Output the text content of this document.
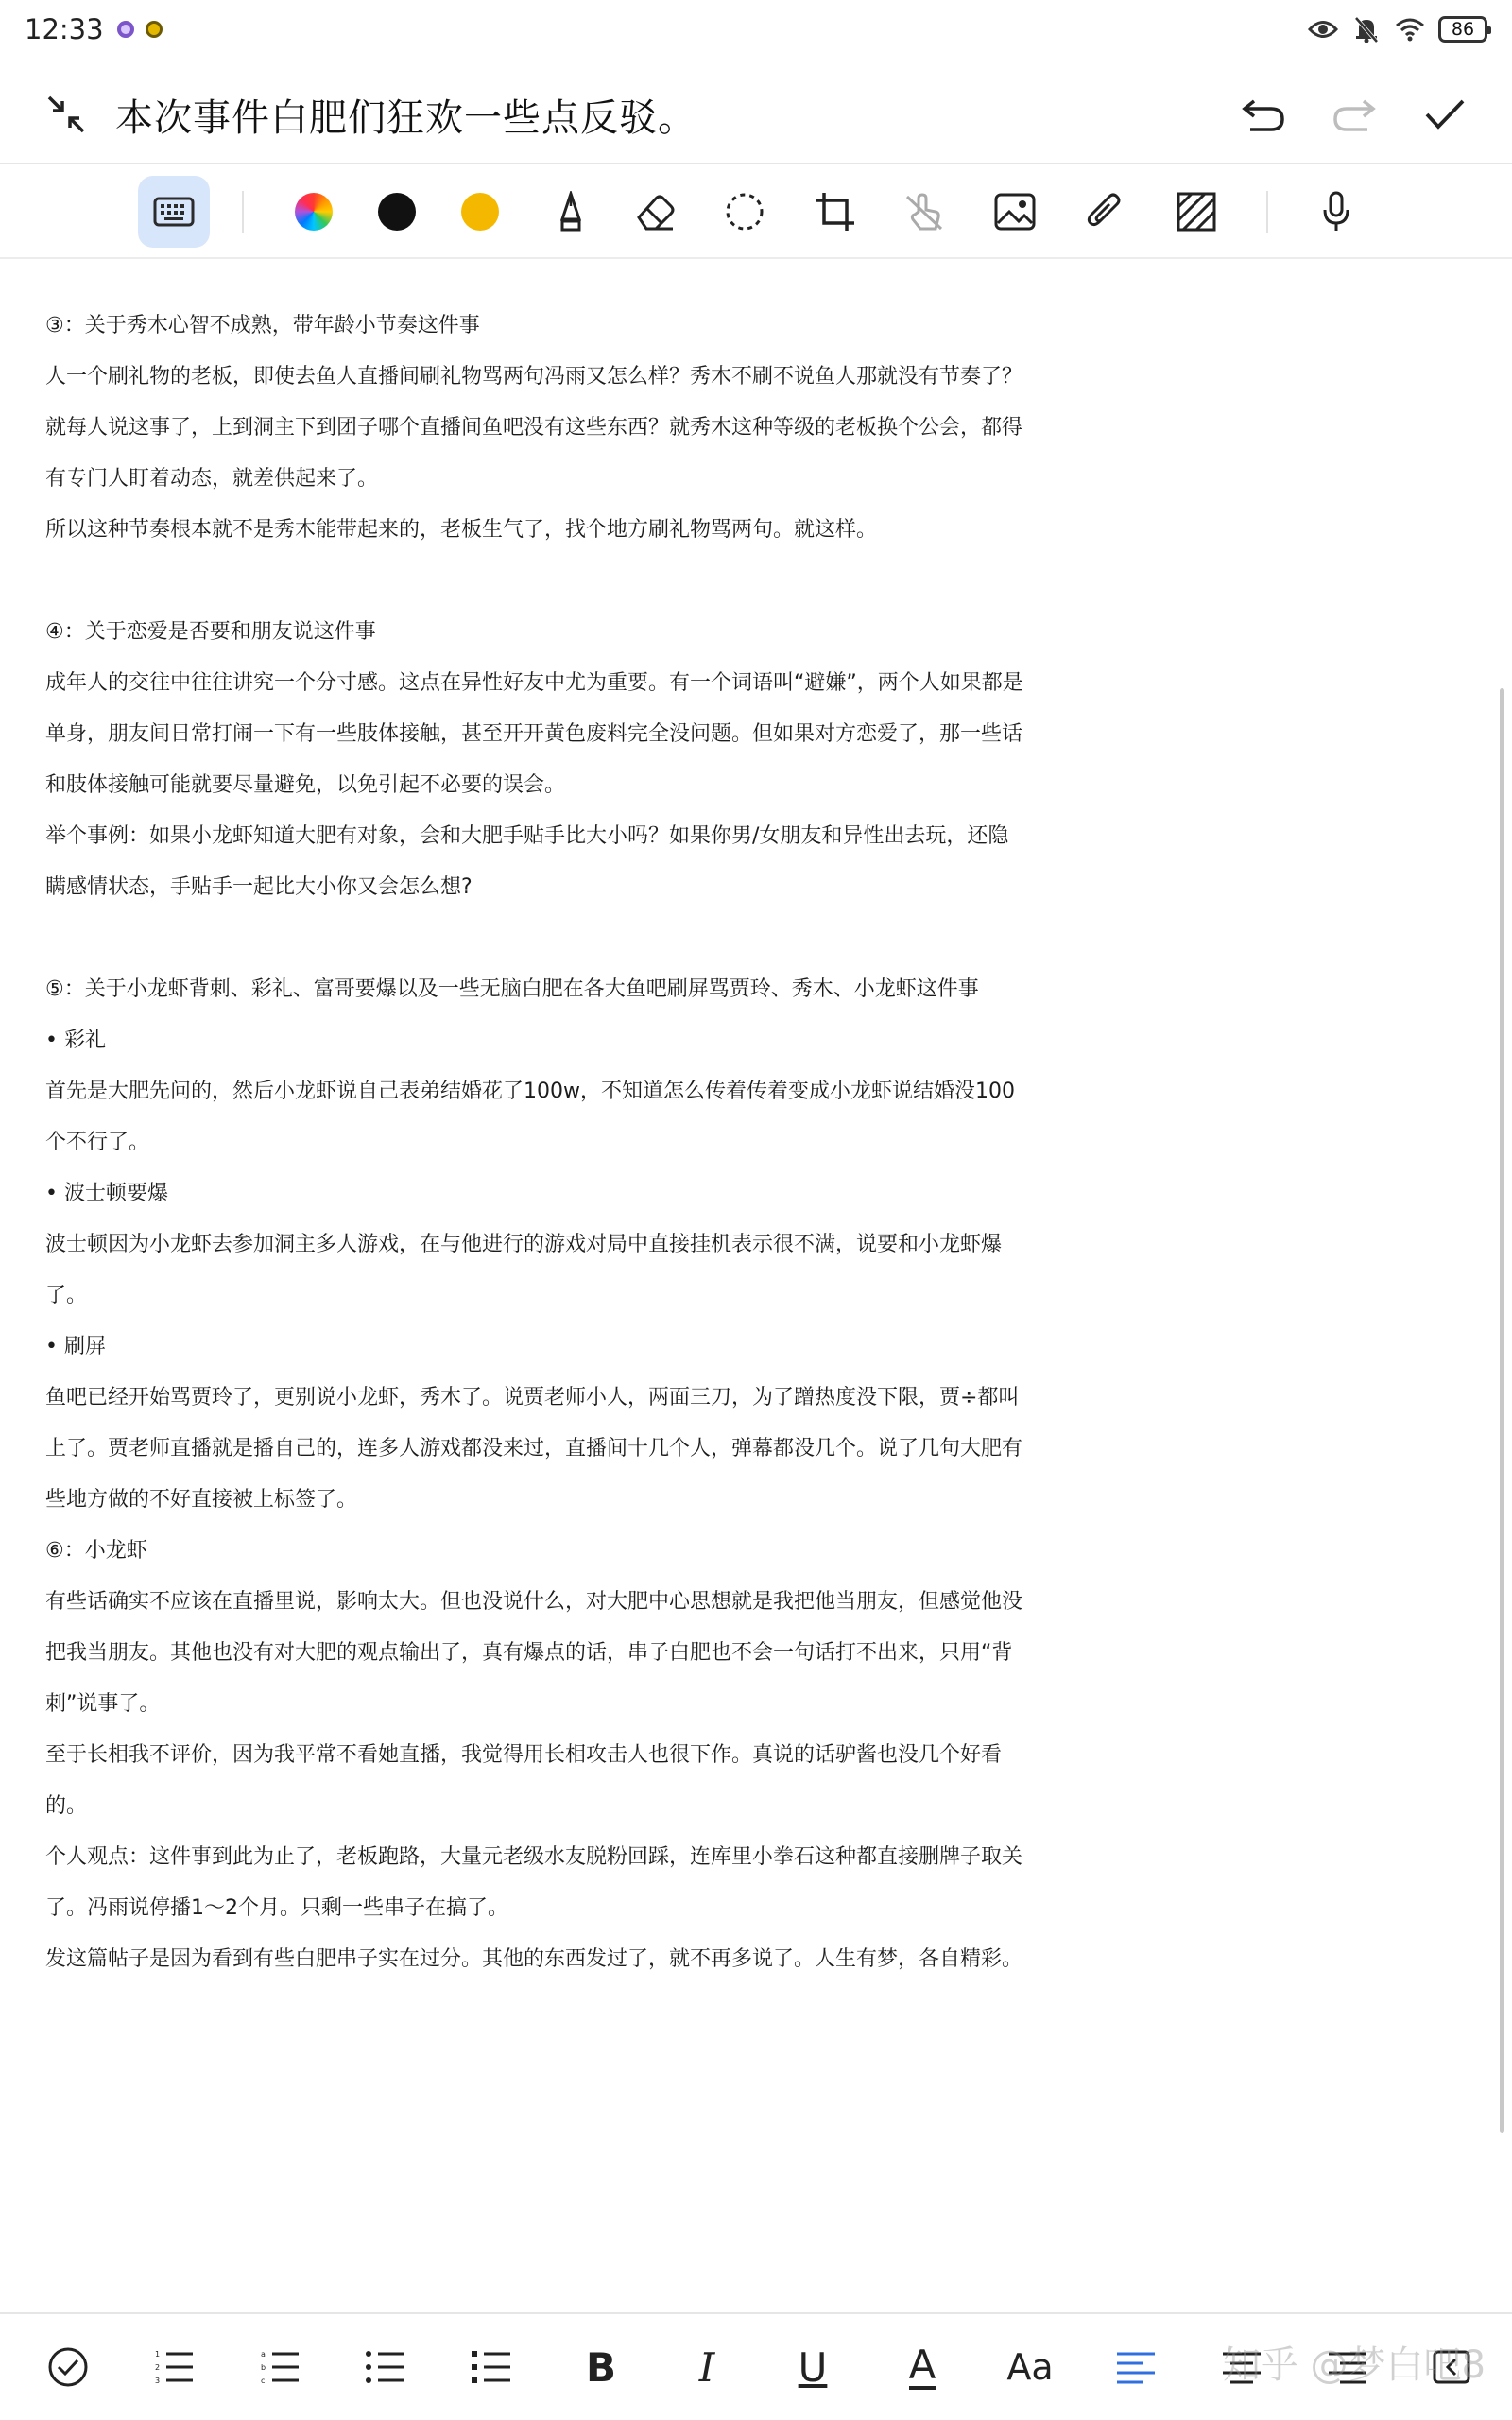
12:33	86
本次事件白肥们狂欢一些点反驳。
③：关于秀木心智不成熟，带年龄小节奏这件事
人一个刷礼物的老板，即使去鱼人直播间刷礼物骂两句冯雨又怎么样？秀木不刷不说鱼人那就没有节奏了？
就每人说这事了，上到洞主下到团子哪个直播间鱼吧没有这些东西？就秀木这种等级的老板换个公会，都得
有专门人盯着动态，就差供起来了。
所以这种节奏根本就不是秀木能带起来的，老板生气了，找个地方刷礼物骂两句。就这样。
④：关于恋爱是否要和朋友说这件事
成年人的交往中往往讲究一个分寸感。这点在异性好友中尤为重要。有一个词语叫“避嫌”，两个人如果都是
单身，朋友间日常打闹一下有一些肢体接触，甚至开开黄色废料完全没问题。但如果对方恋爱了，那一些话
和肢体接触可能就要尽量避免，以免引起不必要的误会。
举个事例：如果小龙虾知道大肥有对象，会和大肥手贴手比大小吗？如果你男/女朋友和异性出去玩，还隐
瞒感情状态，手贴手一起比大小你又会怎么想?
⑤：关于小龙虾背刺、彩礼、富哥要爆以及一些无脑白肥在各大鱼吧刷屏骂贾玲、秀木、小龙虾这件事
• 彩礼
首先是大肥先问的，然后小龙虾说自己表弟结婚花了100w，不知道怎么传着传着变成小龙虾说结婚没100
个不行了。
• 波士顿要爆
波士顿因为小龙虾去参加洞主多人游戏，在与他进行的游戏对局中直接挂机表示很不满，说要和小龙虾爆
了。
• 刷屏
鱼吧已经开始骂贾玲了，更别说小龙虾，秀木了。说贾老师小人，两面三刀，为了蹭热度没下限，贾÷都叫
上了。贾老师直播就是播自己的，连多人游戏都没来过，直播间十几个人，弹幕都没几个。说了几句大肥有
些地方做的不好直接被上标签了。
⑥：小龙虾
有些话确实不应该在直播里说，影响太大。但也没说什么，对大肥中心思想就是我把他当朋友，但感觉他没
把我当朋友。其他也没有对大肥的观点输出了，真有爆点的话，串子白肥也不会一句话打不出来，只用“背
刺”说事了。
至于长相我不评价，因为我平常不看她直播，我觉得用长相攻击人也很下作。真说的话驴酱也没几个好看
的。
个人观点：这件事到此为止了，老板跑路，大量元老级水友脱粉回踩，连库里小拳石这种都直接删牌子取关
了。冯雨说停播1～2个月。只剩一些串子在搞了。
发这篇帖子是因为看到有些白肥串子实在过分。其他的东西发过了，就不再多说了。人生有梦，各自精彩。
1
2
3
a
b
c	B	I	U	A Aa	知乎 @梦白吧8
